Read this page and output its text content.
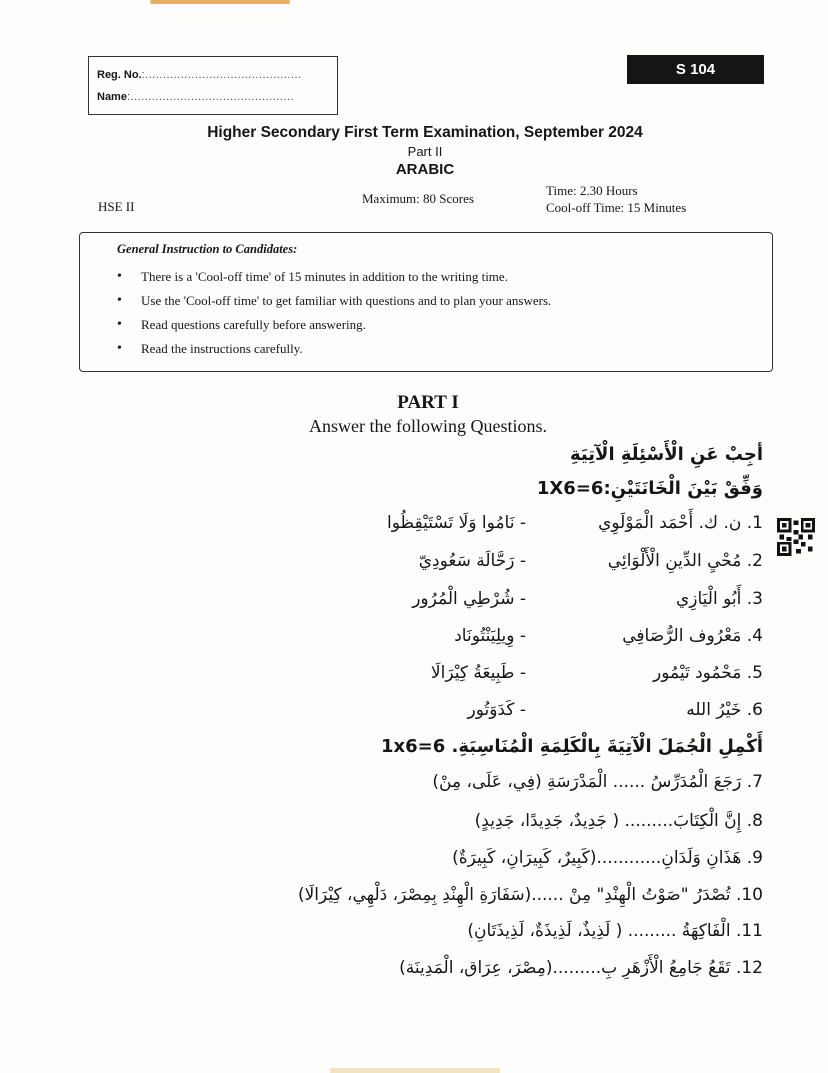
Reg. No.:............................................
Name:..............................................
S 104
Higher Secondary First Term Examination, September 2024
Part II
ARABIC
HSE II
Maximum: 80 Scores
Time: 2.30 Hours
Cool-off Time: 15 Minutes
General Instruction to Candidates:
• There is a 'Cool-off time' of 15 minutes in addition to the writing time.
• Use the 'Cool-off time' to get familiar with questions and to plan your answers.
• Read questions carefully before answering.
• Read the instructions carefully.
PART I
Answer the following Questions.
أجِبْ عَنِ الْأَسْئِلَةِ الْآتِيَةِ
وَفِّقْ بَيْنَ الْخَانَتَيْنِ:1X6=6
1. ن. ك. أَحْمَد الْمَوْلَوِي
- نَامُوا وَلَا تَسْتَيْقِظُوا
2. مُحْيِ الدِّينِ الْأَلْوَائِي
- رَحَّالَة سَعُودِيّ
3. أَبُو الْيَازِي
- شُرْطِي الْمُرُور
4. مَعْرُوف الرُّصَافِي
- وِيلِيَنْتُونَاد
5. مَحْمُود تَيْمُور
- طَبِيعَةُ كِيْرَالَا
6. خَيْرُ الله
- كَدَوَتُور
أَكْمِلِ الْجُمَلَ الْآتِيَةَ بِالْكَلِمَةِ الْمُنَاسِبَةِ. 6=1x6
7. رَجَعَ الْمُدَرِّسُ ...... الْمَدْرَسَةِ (فِي، عَلَى، مِنْ)
8. إِنَّ الْكِتَابَ......... ( جَدِيدٌ، جَدِيدًا، جَدِيدٍ)
9. هَذَانِ وَلَدَانِ............(كَبِيرٌ، كَبِيرَانِ، كَبِيرَةٌ)
10. تُصْدَرُ "صَوْتُ الْهِنْدِ" مِنْ ......(سَفَارَةِ الْهِنْدِ بِمِصْرَ، دَلْهِي، كِيْرَالَا)
11. الْفَاكِهَةُ ......... ( لَذِيذٌ، لَذِيذَةٌ، لَذِيذَتَانِ)
12. تَقَعُ جَامِعُ الْأَزْهَرِ بِ.........(مِصْرَ، عِرَاق، الْمَدِينَة)
